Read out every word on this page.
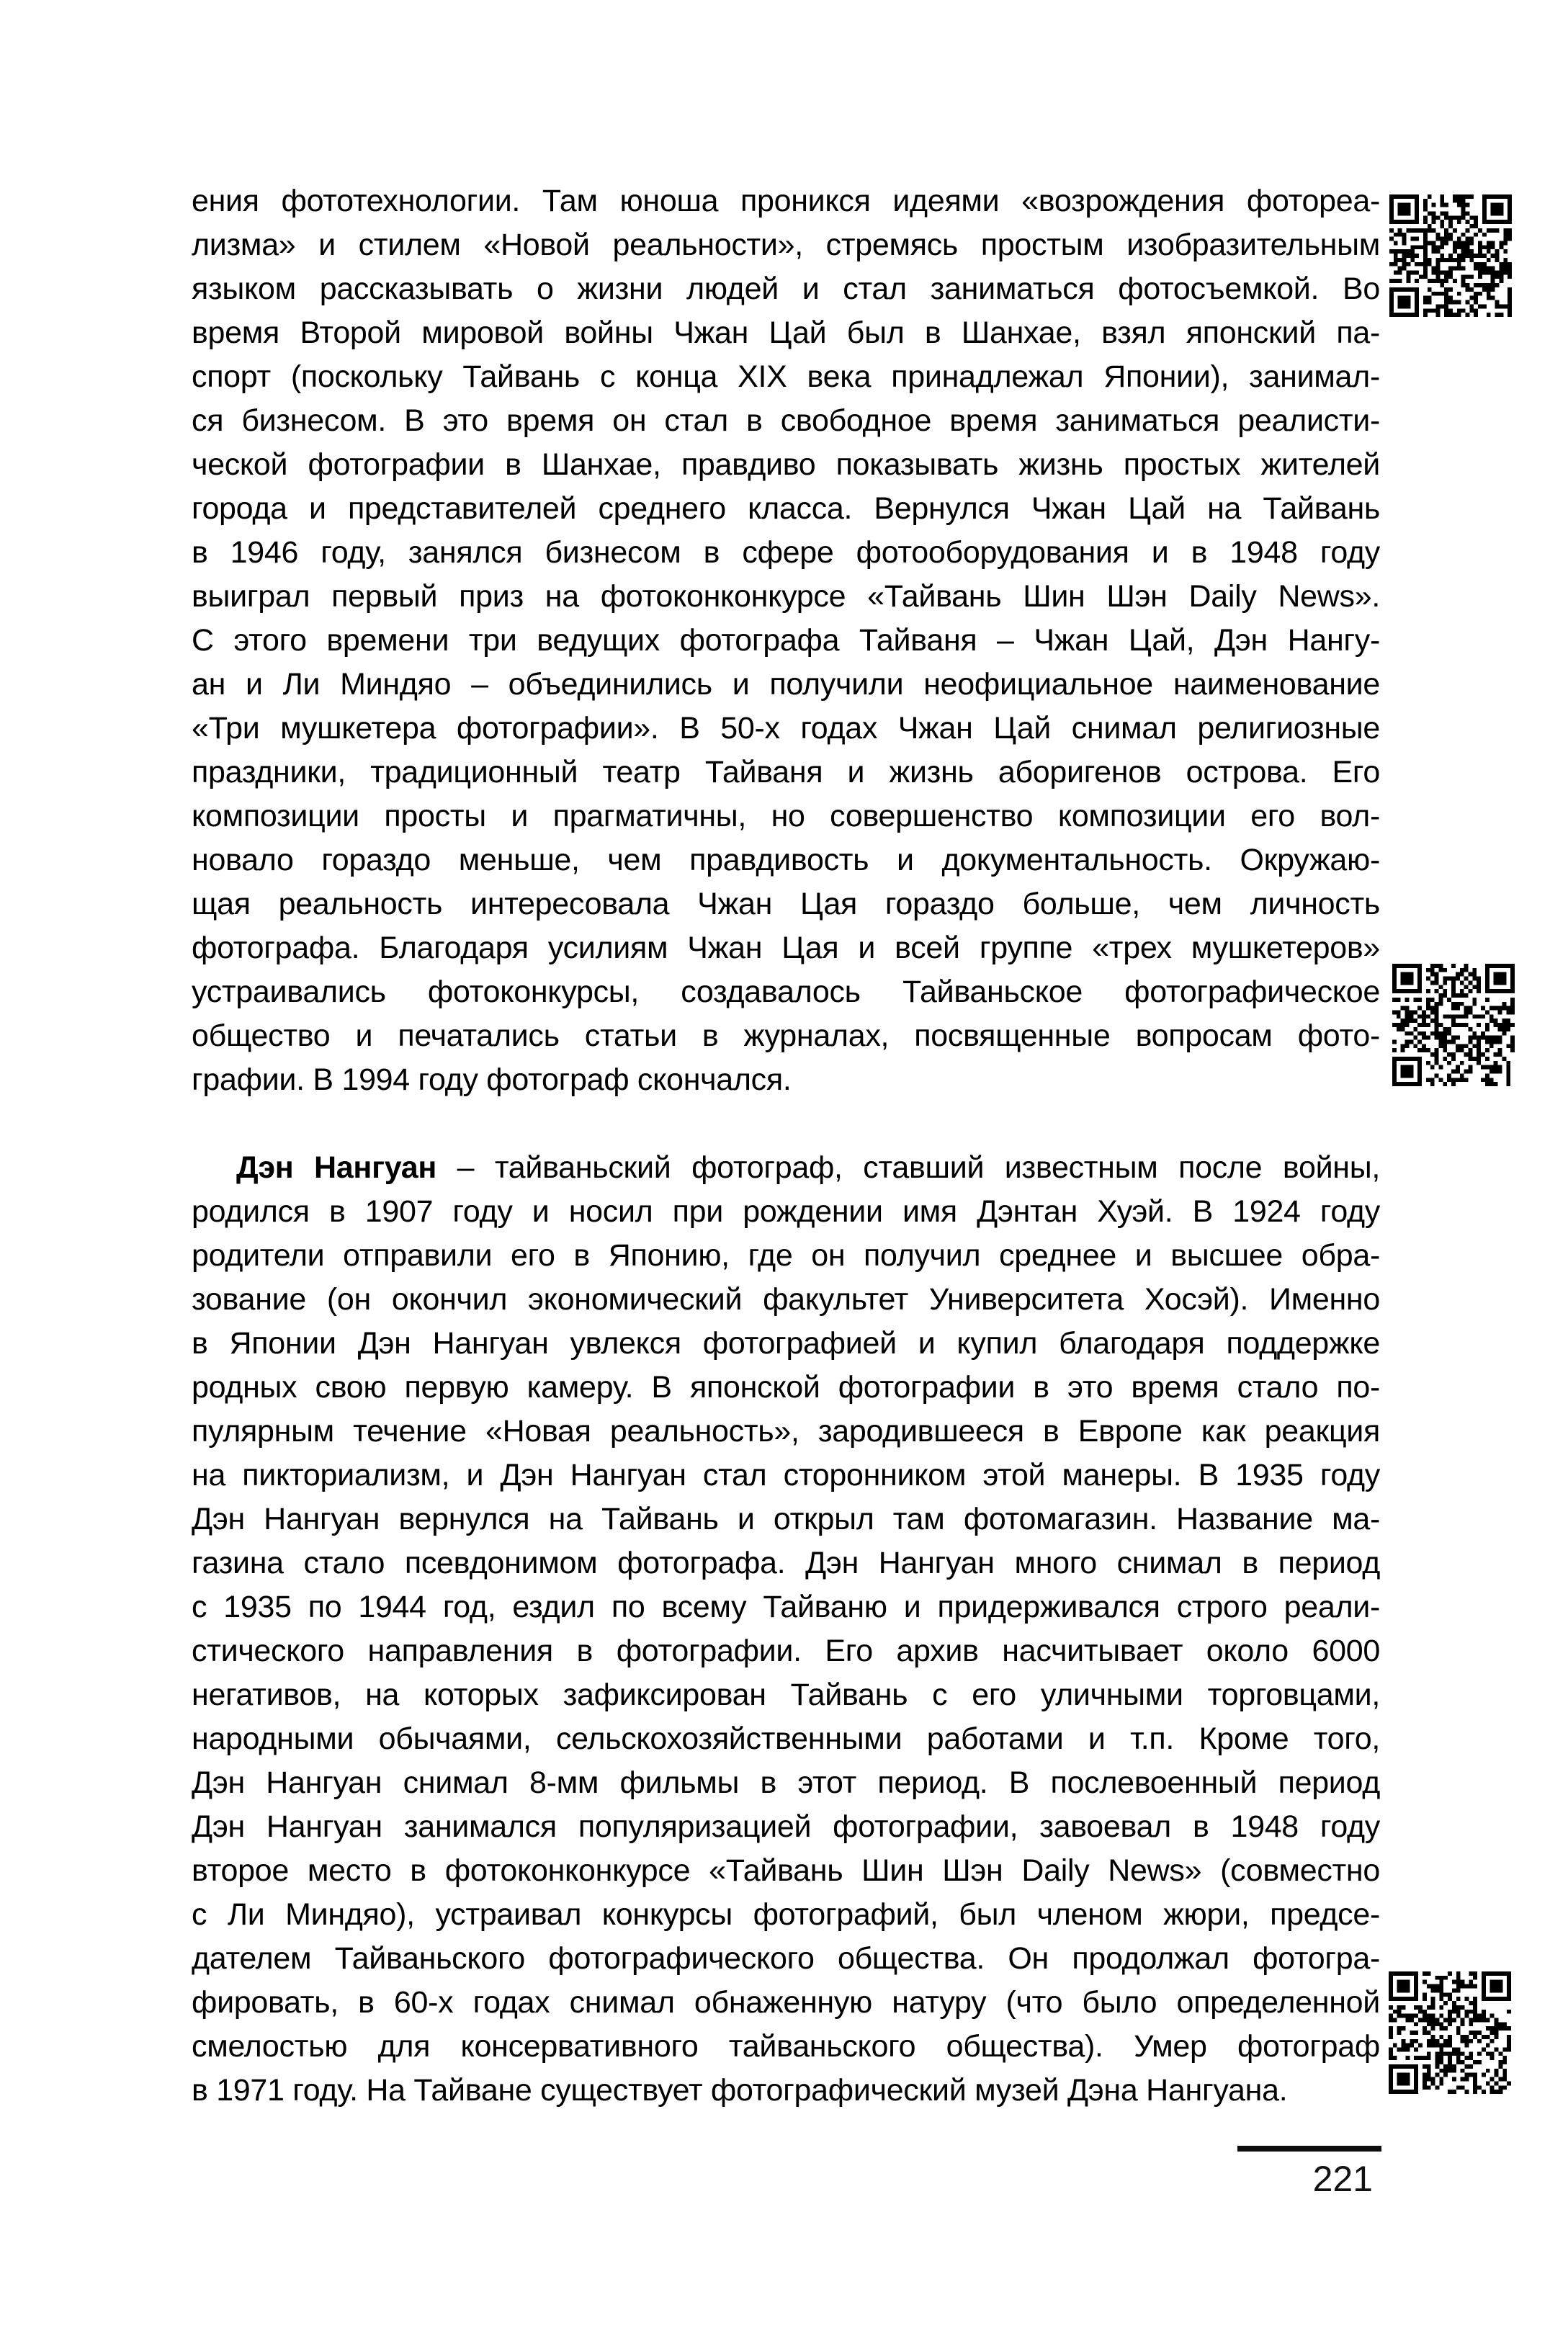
ения фототехнологии. Там юноша проникся идеями «возрождения фотореа-
лизма» и стилем «Новой реальности», стремясь простым изобразительным
языком рассказывать о жизни людей и стал заниматься фотосъемкой. Во
время Второй мировой войны Чжан Цай был в Шанхае, взял японский па-
спорт (поскольку Тайвань с конца XIX века принадлежал Японии), занимал-
ся бизнесом. В это время он стал в свободное время заниматься реалисти-
ческой фотографии в Шанхае, правдиво показывать жизнь простых жителей
города и представителей среднего класса. Вернулся Чжан Цай на Тайвань
в 1946 году, занялся бизнесом в сфере фотооборудования и в 1948 году
выиграл первый приз на фотоконконкурсе «Тайвань Шин Шэн Daily News».
С этого времени три ведущих фотографа Тайваня – Чжан Цай, Дэн Нангу-
ан и Ли Миндяо – объединились и получили неофициальное наименование
«Три мушкетера фотографии». В 50-х годах Чжан Цай снимал религиозные
праздники, традиционный театр Тайваня и жизнь аборигенов острова. Его
композиции просты и прагматичны, но совершенство композиции его вол-
новало гораздо меньше, чем правдивость и документальность. Окружаю-
щая реальность интересовала Чжан Цая гораздо больше, чем личность
фотографа. Благодаря усилиям Чжан Цая и всей группе «трех мушкетеров»
устраивались фотоконкурсы, создавалось Тайваньское фотографическое
общество и печатались статьи в журналах, посвященные вопросам фото-
графии. В 1994 году фотограф скончался.
Дэн Нангуан – тайваньский фотограф, ставший известным после войны,
родился в 1907 году и носил при рождении имя Дэнтан Хуэй. В 1924 году
родители отправили его в Японию, где он получил среднее и высшее обра-
зование (он окончил экономический факультет Университета Хосэй). Именно
в Японии Дэн Нангуан увлекся фотографией и купил благодаря поддержке
родных свою первую камеру. В японской фотографии в это время стало по-
пулярным течение «Новая реальность», зародившееся в Европе как реакция
на пикториализм, и Дэн Нангуан стал сторонником этой манеры. В 1935 году
Дэн Нангуан вернулся на Тайвань и открыл там фотомагазин. Название ма-
газина стало псевдонимом фотографа. Дэн Нангуан много снимал в период
с 1935 по 1944 год, ездил по всему Тайваню и придерживался строго реали-
стического направления в фотографии. Его архив насчитывает около 6000
негативов, на которых зафиксирован Тайвань с его уличными торговцами,
народными обычаями, сельскохозяйственными работами и т.п. Кроме того,
Дэн Нангуан снимал 8-мм фильмы в этот период. В послевоенный период
Дэн Нангуан занимался популяризацией фотографии, завоевал в 1948 году
второе место в фотоконконкурсе «Тайвань Шин Шэн Daily News» (совместно
с Ли Миндяо), устраивал конкурсы фотографий, был членом жюри, предсе-
дателем Тайваньского фотографического общества. Он продолжал фотогра-
фировать, в 60-х годах снимал обнаженную натуру (что было определенной
смелостью для консервативного тайваньского общества). Умер фотограф
в 1971 году. На Тайване существует фотографический музей Дэна Нангуана.
221
